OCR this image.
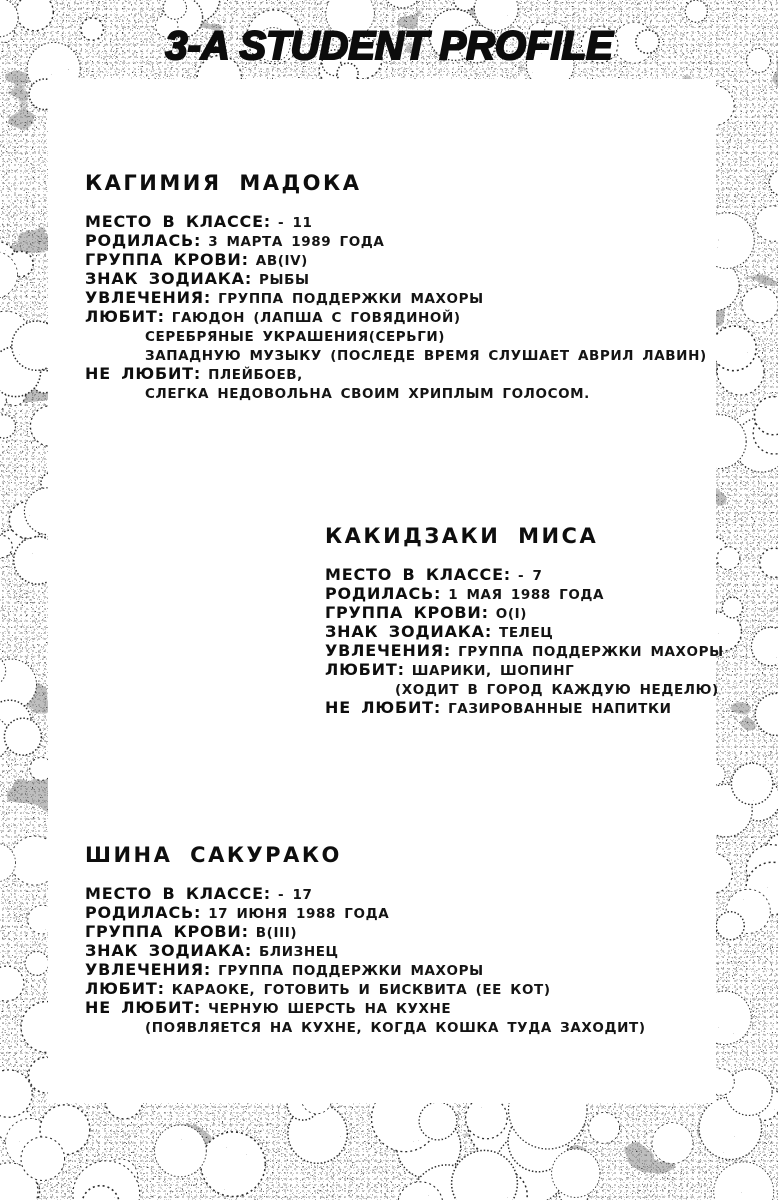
3-A STUDENT PROFILE
КАГИМИЯ МАДОКА
МЕСТО В КЛАССЕ: - 11
РОДИЛАСЬ: 3 МАРТА 1989 ГОДА
ГРУППА КРОВИ: AB(IV)
ЗНАК ЗОДИАКА: РЫБЫ
УВЛЕЧЕНИЯ: ГРУППА ПОДДЕРЖКИ МАХОРЫ
ЛЮБИТ: ГАЮДОН (ЛАПША С ГОВЯДИНОЙ)
СЕРЕБРЯНЫЕ УКРАШЕНИЯ(СЕРЬГИ)
ЗАПАДНУЮ МУЗЫКУ (ПОСЛЕДЕ ВРЕМЯ СЛУШАЕТ АВРИЛ ЛАВИН)
НЕ ЛЮБИТ: ПЛЕЙБОЕВ,
СЛЕГКА НЕДОВОЛЬНА СВОИМ ХРИПЛЫМ ГОЛОСОМ.
КАКИДЗАКИ МИСА
МЕСТО В КЛАССЕ: - 7
РОДИЛАСЬ: 1 МАЯ 1988 ГОДА
ГРУППА КРОВИ: O(I)
ЗНАК ЗОДИАКА: ТЕЛЕЦ
УВЛЕЧЕНИЯ: ГРУППА ПОДДЕРЖКИ МАХОРЫ
ЛЮБИТ: ШАРИКИ, ШОПИНГ
(ХОДИТ В ГОРОД КАЖДУЮ НЕДЕЛЮ)
НЕ ЛЮБИТ: ГАЗИРОВАННЫЕ НАПИТКИ
ШИНА САКУРАКО
МЕСТО В КЛАССЕ: - 17
РОДИЛАСЬ: 17 ИЮНЯ 1988 ГОДА
ГРУППА КРОВИ: B(III)
ЗНАК ЗОДИАКА: БЛИЗНЕЦ
УВЛЕЧЕНИЯ: ГРУППА ПОДДЕРЖКИ МАХОРЫ
ЛЮБИТ: КАРАОКЕ, ГОТОВИТЬ И БИСКВИТА (ЕЕ КОТ)
НЕ ЛЮБИТ: ЧЕРНУЮ ШЕРСТЬ НА КУХНЕ
(ПОЯВЛЯЕТСЯ НА КУХНЕ, КОГДА КОШКА ТУДА ЗАХОДИТ)
